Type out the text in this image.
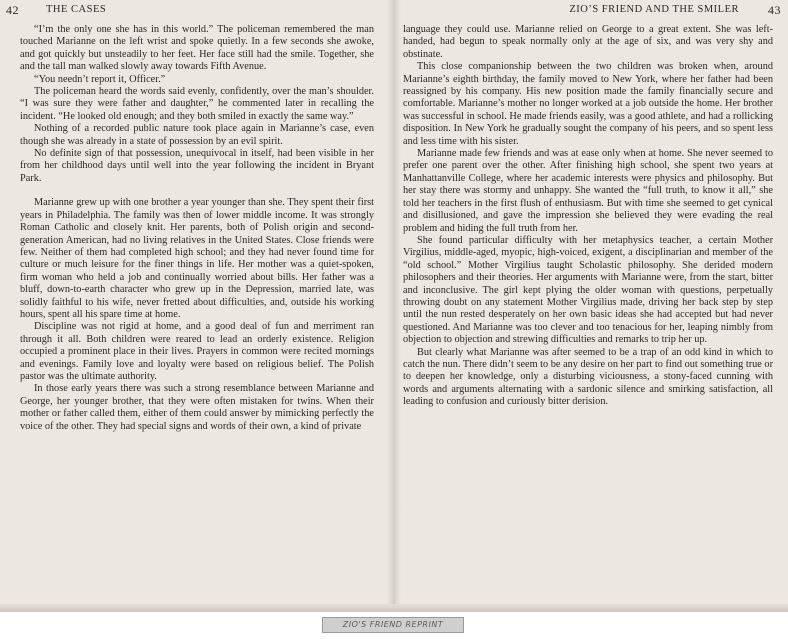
42	THE CASES

“I’m the only one she has in this world.” The policeman remembered the man touched Marianne on the left wrist and spoke quietly. In a few seconds she awoke, and got quickly but unsteadily to her feet. Her face still had the smile. Together, she and the tall man walked slowly away towards Fifth Avenue.

“You needn’t report it, Officer.”

The policeman heard the words said evenly, confidently, over the man’s shoulder. “I was sure they were father and daughter,” he commented later in recalling the incident. “He looked old enough; and they both smiled in exactly the same way.”

Nothing of a recorded public nature took place again in Marianne’s case, even though she was already in a state of possession by an evil spirit.

No definite sign of that possession, unequivocal in itself, had been visible in her from her childhood days until well into the year following the incident in Bryant Park.

Marianne grew up with one brother a year younger than she. They spent their first years in Philadelphia. The family was then of lower middle income. It was strongly Roman Catholic and closely knit. Her parents, both of Polish origin and second-generation American, had no living relatives in the United States. Close friends were few. Neither of them had completed high school; and they had never found time for culture or much leisure for the finer things in life. Her mother was a quiet-spoken, firm woman who held a job and continually worried about bills. Her father was a bluff, down-to-earth character who grew up in the Depression, married late, was solidly faithful to his wife, never fretted about difficulties, and, outside his working hours, spent all his spare time at home.

Discipline was not rigid at home, and a good deal of fun and merriment ran through it all. Both children were reared to lead an orderly existence. Religion occupied a prominent place in their lives. Prayers in common were recited mornings and evenings. Family love and loyalty were based on religious belief. The Polish pastor was the ultimate authority.

In those early years there was such a strong resemblance between Marianne and George, her younger brother, that they were often mistaken for twins. When their mother or father called them, either of them could answer by mimicking perfectly the voice of the other. They had special signs and words of their own, a kind of private

ZIO’S FRIEND AND THE SMILER 43

language they could use. Marianne relied on George to a great extent. She was left-handed, had begun to speak normally only at the age of six, and was very shy and obstinate.

This close companionship between the two children was broken when, around Marianne’s eighth birthday, the family moved to New York, where her father had been reassigned by his company. His new position made the family financially secure and comfortable. Marianne’s mother no longer worked at a job outside the home. Her brother was successful in school. He made friends easily, was a good athlete, and had a rollicking disposition. In New York he gradually sought the company of his peers, and so spent less and less time with his sister.

Marianne made few friends and was at ease only when at home. She never seemed to prefer one parent over the other. After finishing high school, she spent two years at Manhattanville College, where her academic interests were physics and philosophy. But her stay there was stormy and unhappy. She wanted the “full truth, to know it all,” she told her teachers in the first flush of enthusiasm. But with time she seemed to get cynical and disillusioned, and gave the impression she believed they were evading the real problem and hiding the full truth from her.

She found particular difficulty with her metaphysics teacher, a certain Mother Virgilius, middle-aged, myopic, high-voiced, exigent, a disciplinarian and member of the “old school.” Mother Virgilius taught Scholastic philosophy. She derided modern philosophers and their theories. Her arguments with Marianne were, from the start, bitter and inconclusive. The girl kept plying the older woman with questions, perpetually throwing doubt on any statement Mother Virgilius made, driving her back step by step until the nun rested desperately on her own basic ideas she had accepted but had never questioned. And Marianne was too clever and too tenacious for her, leaping nimbly from objection to objection and strewing difficulties and remarks to trip her up.

But clearly what Marianne was after seemed to be a trap of an odd kind in which to catch the nun. There didn’t seem to be any desire on her part to find out something true or to deepen her knowledge, only a disturbing viciousness, a stony-faced cunning with words and arguments alternating with a sardonic silence and smirking satisfaction, all leading to confusion and curiously bitter derision.

ZIO'S FRIEND REPRINT
